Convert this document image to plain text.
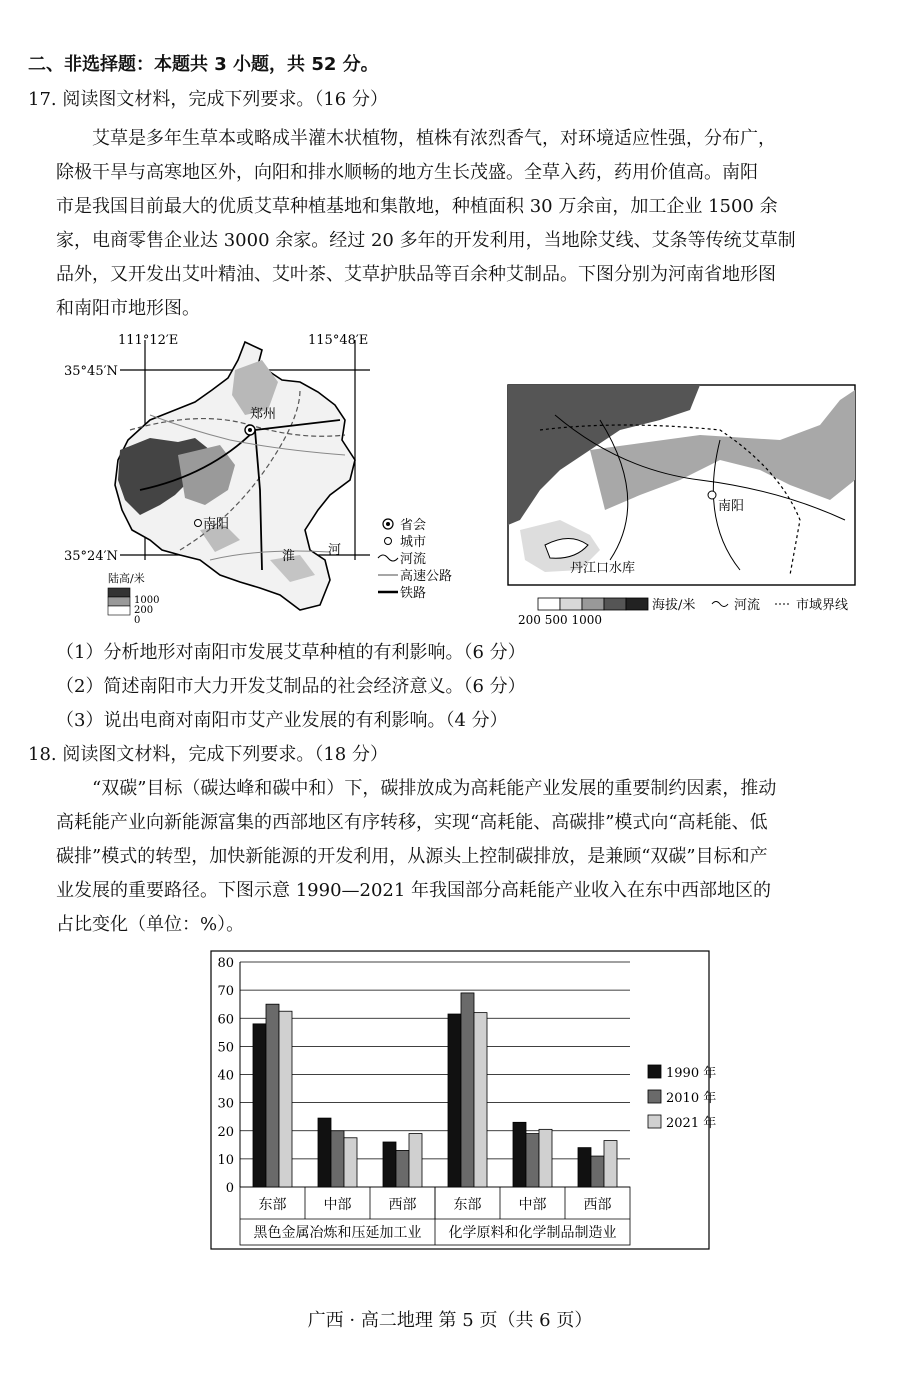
二、非选择题：本题共 3 小题，共 52 分。
17. 阅读图文材料，完成下列要求。（16 分）
艾草是多年生草本或略成半灌木状植物，植株有浓烈香气，对环境适应性强，分布广，
除极干旱与高寒地区外，向阳和排水顺畅的地方生长茂盛。全草入药，药用价值高。南阳
市是我国目前最大的优质艾草种植基地和集散地，种植面积 30 万余亩，加工企业 1500 余
家，电商零售企业达 3000 余家。经过 20 多年的开发利用，当地除艾线、艾条等传统艾草制
品外，又开发出艾叶精油、艾叶茶、艾草护肤品等百余种艾制品。下图分别为河南省地形图
和南阳市地形图。
111°12′E	115°48′E
35°45′N
35°24′N
郑州
南阳
淮	河
陆高/米
1000
200
0
省会
城市
河流
高速公路
铁路
南阳
丹江口水库
200 500 1000
海拔/米	河流	市域界线
（1）分析地形对南阳市发展艾草种植的有利影响。（6 分）
（2）简述南阳市大力开发艾制品的社会经济意义。（6 分）
（3）说出电商对南阳市艾产业发展的有利影响。（4 分）
18. 阅读图文材料，完成下列要求。（18 分）
“双碳”目标（碳达峰和碳中和）下，碳排放成为高耗能产业发展的重要制约因素，推动
高耗能产业向新能源富集的西部地区有序转移，实现“高耗能、高碳排”模式向“高耗能、低
碳排”模式的转型，加快新能源的开发利用，从源头上控制碳排放，是兼顾“双碳”目标和产
业发展的重要路径。下图示意 1990—2021 年我国部分高耗能产业收入在东中西部地区的
占比变化（单位：%）。
0
10
20
30
40
50
60
70
80
东部	中部	西部	东部	中部	西部
黑色金属冶炼和压延加工业 化学原料和化学制品制造业
1990 年
2010 年
2021 年
广西 · 高二地理 第 5 页（共 6 页）
